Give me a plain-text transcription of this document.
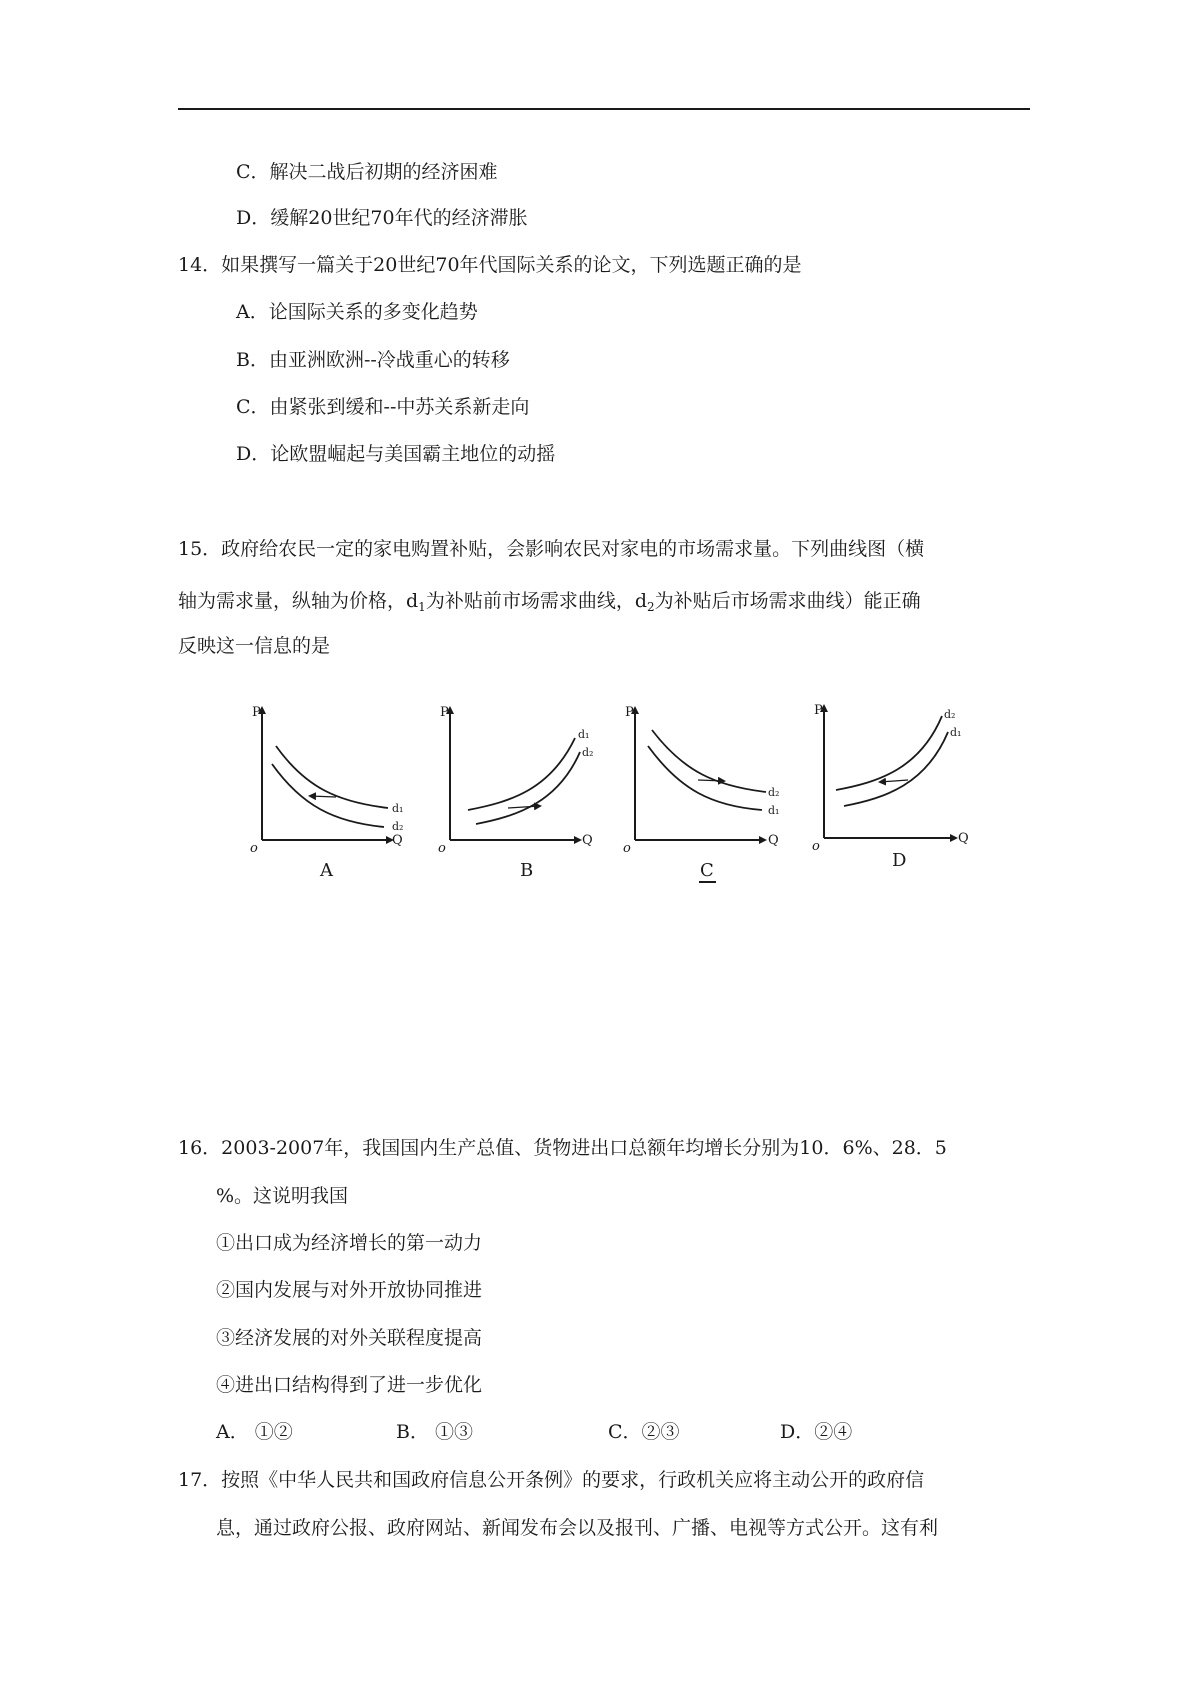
C．解决二战后初期的经济困难
D．缓解20世纪70年代的经济滞胀
14．如果撰写一篇关于20世纪70年代国际关系的论文，下列选题正确的是
A．论国际关系的多变化趋势
B．由亚洲欧洲--冷战重心的转移
C．由紧张到缓和--中苏关系新走向
D．论欧盟崛起与美国霸主地位的动摇
15．政府给农民一定的家电购置补贴，会影响农民对家电的市场需求量。下列曲线图（横
轴为需求量，纵轴为价格，$d_1$为补贴前市场需求曲线，$d_2$为补贴后市场需求曲线）能正确
反映这一信息的是
P
o
Q
d₁
d₂
A
P
o
Q
d₁
d₂
B
P
o
Q
d₂
d₁
C
P
o
Q
d₂
d₁
D
16．2003-2007年，我国国内生产总值、货物进出口总额年均增长分别为10．6%、28．5
%。这说明我国
①出口成为经济增长的第一动力
②国内发展与对外开放协同推进
③经济发展的对外关联程度提高
④进出口结构得到了进一步优化
A． ①②	B． ①③	C．②③	D．②④
17．按照《中华人民共和国政府信息公开条例》的要求，行政机关应将主动公开的政府信
息，通过政府公报、政府网站、新闻发布会以及报刊、广播、电视等方式公开。这有利
